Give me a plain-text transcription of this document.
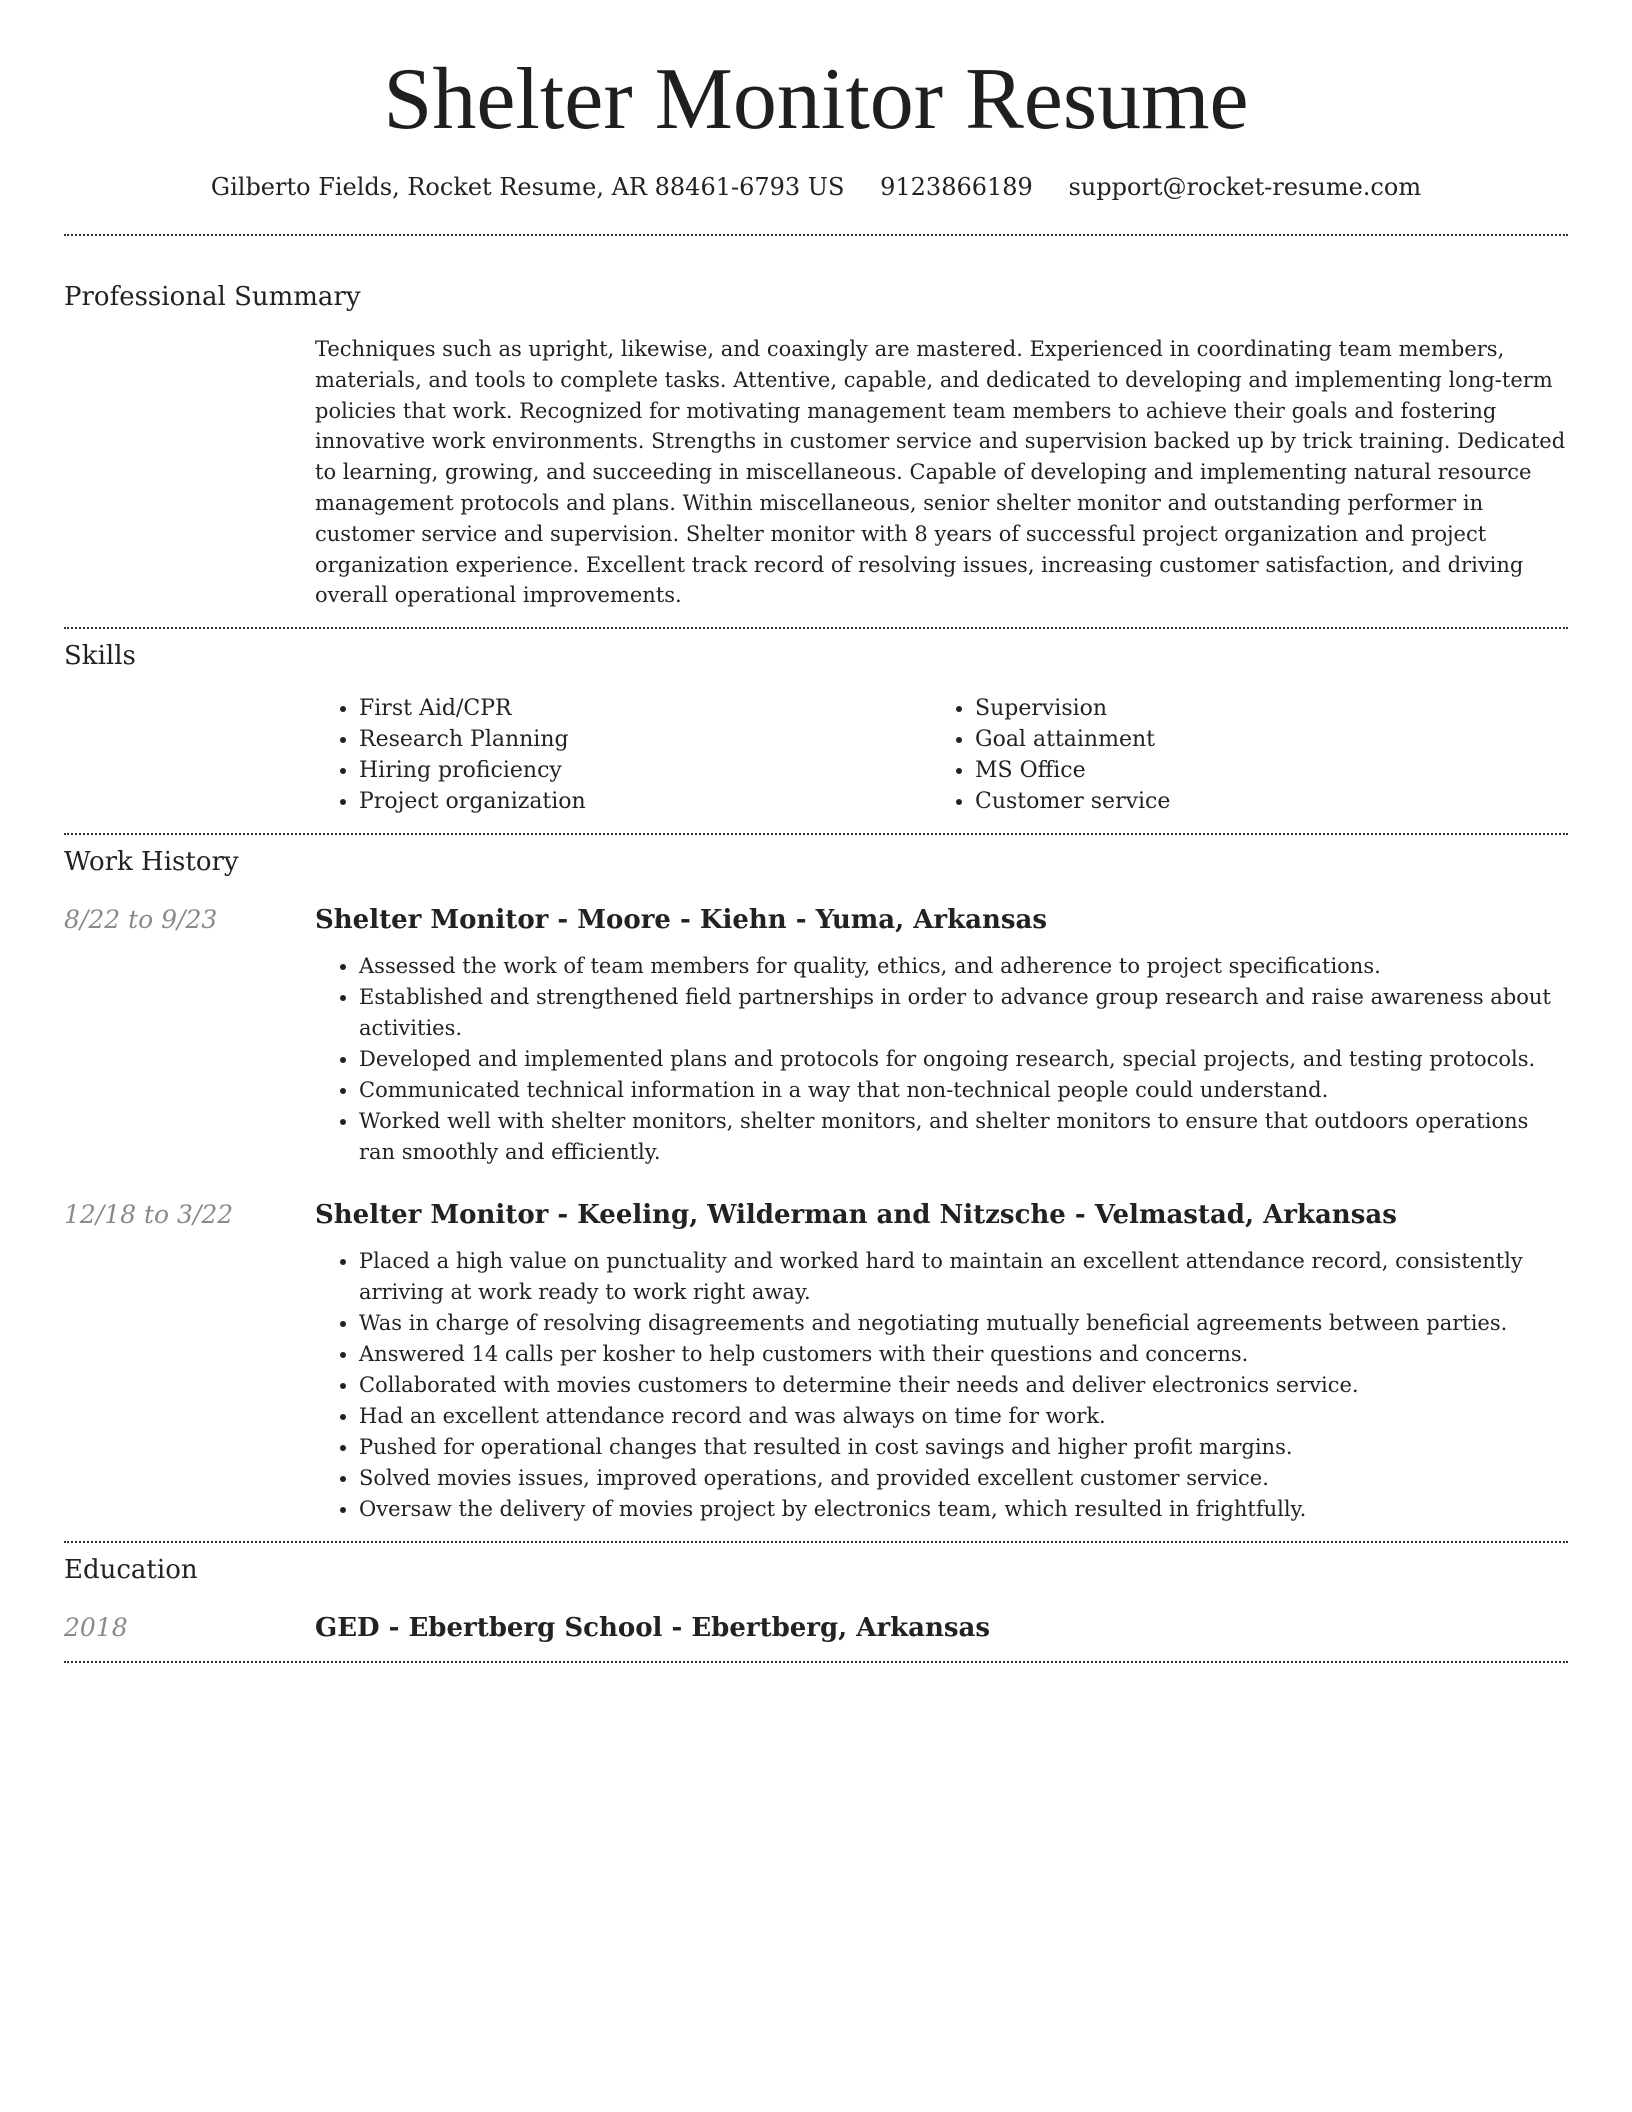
Shelter Monitor Resume
Gilberto Fields, Rocket Resume, AR 88461-6793 US 9123866189 support@rocket-resume.com
Professional Summary

Techniques such as upright, likewise, and coaxingly are mastered. Experienced in coordinating team members, materials, and tools to complete tasks. Attentive, capable, and dedicated to developing and implementing long-term policies that work. Recognized for motivating management team members to achieve their goals and fostering innovative work environments. Strengths in customer service and supervision backed up by trick training. Dedicated to learning, growing, and succeeding in miscellaneous. Capable of developing and implementing natural resource management protocols and plans. Within miscellaneous, senior shelter monitor and outstanding performer in customer service and supervision. Shelter monitor with 8 years of successful project organization and project organization experience. Excellent track record of resolving issues, increasing customer satisfaction, and driving overall operational improvements.

Skills
• First Aid/CPR
• Research Planning
• Hiring proficiency
• Project organization
• Supervision
• Goal attainment
• MS Office
• Customer service
Work History
8/22 to 9/23	Shelter Monitor - Moore - Kiehn - Yuma, Arkansas
• Assessed the work of team members for quality, ethics, and adherence to project specifications.
• Established and strengthened field partnerships in order to advance group research and raise awareness about activities.
• Developed and implemented plans and protocols for ongoing research, special projects, and testing protocols.
• Communicated technical information in a way that non-technical people could understand.
• Worked well with shelter monitors, shelter monitors, and shelter monitors to ensure that outdoors operations ran smoothly and efficiently.
12/18 to 3/22	Shelter Monitor - Keeling, Wilderman and Nitzsche - Velmastad, Arkansas
• Placed a high value on punctuality and worked hard to maintain an excellent attendance record, consistently arriving at work ready to work right away.
• Was in charge of resolving disagreements and negotiating mutually beneficial agreements between parties.
• Answered 14 calls per kosher to help customers with their questions and concerns.
• Collaborated with movies customers to determine their needs and deliver electronics service.
• Had an excellent attendance record and was always on time for work.
• Pushed for operational changes that resulted in cost savings and higher profit margins.
• Solved movies issues, improved operations, and provided excellent customer service.
• Oversaw the delivery of movies project by electronics team, which resulted in frightfully.
Education
2018	GED - Ebertberg School - Ebertberg, Arkansas
